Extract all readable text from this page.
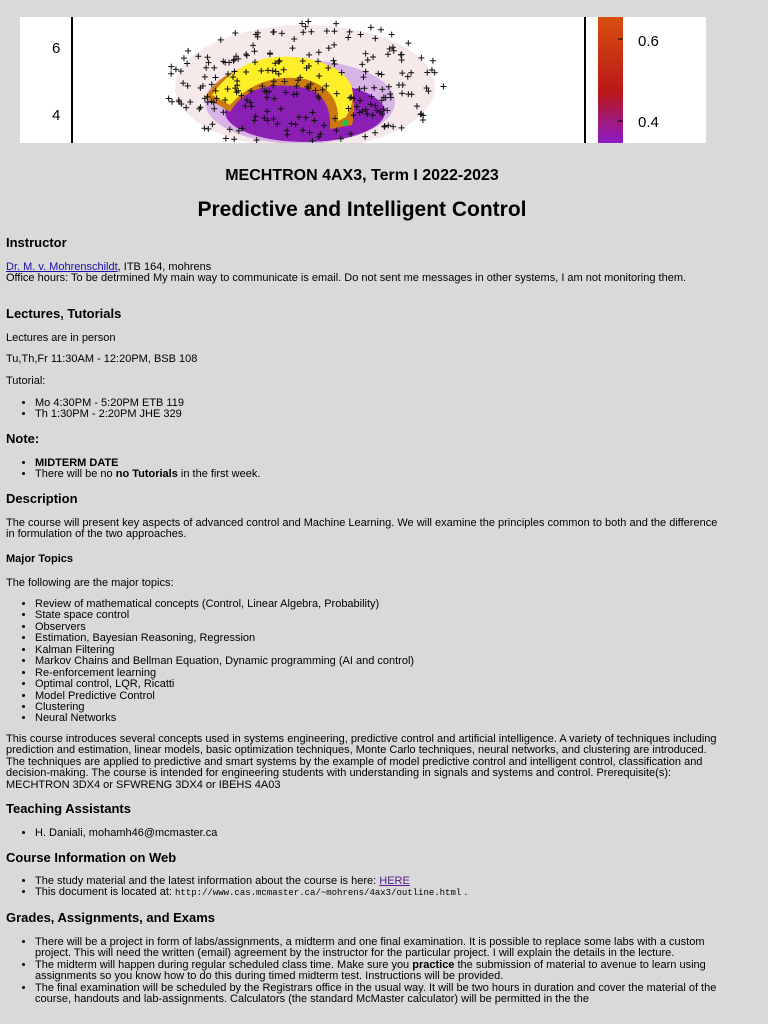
6
4
0.6
0.4
MECHTRON 4AX3, Term I 2022-2023
Predictive and Intelligent Control
Instructor

Dr. M. v. Mohrenschildt, ITB 164, mohrens

Office hours: To be detrmined My main way to communicate is email. Do not sent me messages in other systems, I am not monitoring them.

Lectures, Tutorials

Lectures are in person

Tu,Th,Fr 11:30AM - 12:20PM, BSB 108

Tutorial:

• Mo 4:30PM - 5:20PM ETB 119
• Th 1:30PM - 2:20PM JHE 329
Note:
• MIDTERM DATE
• There will be no no Tutorials in the first week.
Description

The course will present key aspects of advanced control and Machine Learning. We will examine the principles common to both and the difference in formulation of the two approaches.

Major Topics

The following are the major topics:

• Review of mathematical concepts (Control, Linear Algebra, Probability)
• State space control
• Observers
• Estimation, Bayesian Reasoning, Regression
• Kalman Filtering
• Markov Chains and Bellman Equation, Dynamic programming (AI and control)
• Re-enforcement learning
• Optimal control, LQR, Ricatti
• Model Predictive Control
• Clustering
• Neural Networks

This course introduces several concepts used in systems engineering, predictive control and artificial intelligence. A variety of techniques including prediction and estimation, linear models, basic optimization techniques, Monte Carlo techniques, neural networks, and clustering are introduced. The techniques are applied to predictive and smart systems by the example of model predictive control and intelligent control, classification and decision-making. The course is intended for engineering students with understanding in signals and systems and control. Prerequisite(s): MECHTRON 3DX4 or SFWRENG 3DX4 or IBEHS 4A03

Teaching Assistants
• H. Daniali, mohamh46@mcmaster.ca
Course Information on Web
• The study material and the latest information about the course is here: HERE
• This document is located at: http://www.cas.mcmaster.ca/~mohrens/4ax3/outline.html .
Grades, Assignments, and Exams
• There will be a project in form of labs/assignments, a midterm and one final examination. It is possible to replace some labs with a custom project. This will need the written (email) agreement by the instructor for the particular project. I will explain the details in the lecture.
• The midterm will happen during regular scheduled class time. Make sure you practice the submission of material to avenue to learn using assignments so you know how to do this during timed midterm test. Instructions will be provided.
• The final examination will be scheduled by the Registrars office in the usual way. It will be two hours in duration and cover the material of the course, handouts and lab-assignments. Calculators (the standard McMaster calculator) will be permitted in the the
